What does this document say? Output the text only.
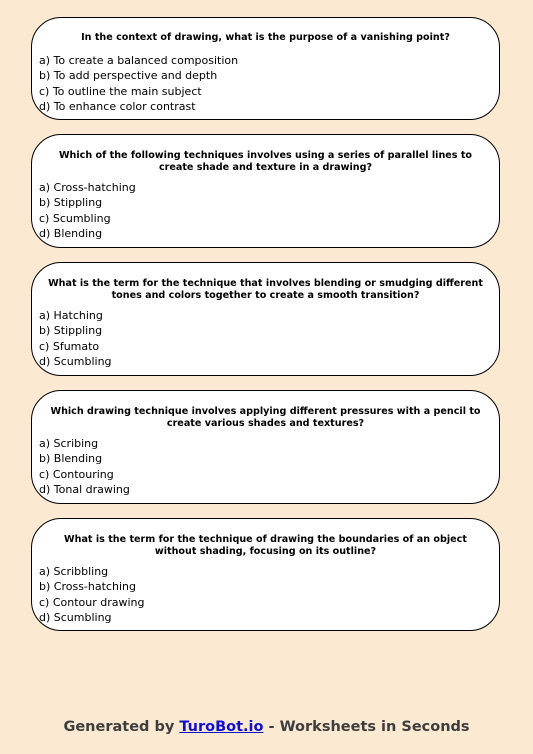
In the context of drawing, what is the purpose of a vanishing point?
a) To create a balanced composition
b) To add perspective and depth
c) To outline the main subject
d) To enhance color contrast
Which of the following techniques involves using a series of parallel lines to create shade and texture in a drawing?
a) Cross-hatching
b) Stippling
c) Scumbling
d) Blending
What is the term for the technique that involves blending or smudging different tones and colors together to create a smooth transition?
a) Hatching
b) Stippling
c) Sfumato
d) Scumbling
Which drawing technique involves applying different pressures with a pencil to create various shades and textures?
a) Scribing
b) Blending
c) Contouring
d) Tonal drawing
What is the term for the technique of drawing the boundaries of an object without shading, focusing on its outline?
a) Scribbling
b) Cross-hatching
c) Contour drawing
d) Scumbling
Generated by TuroBot.io - Worksheets in Seconds
